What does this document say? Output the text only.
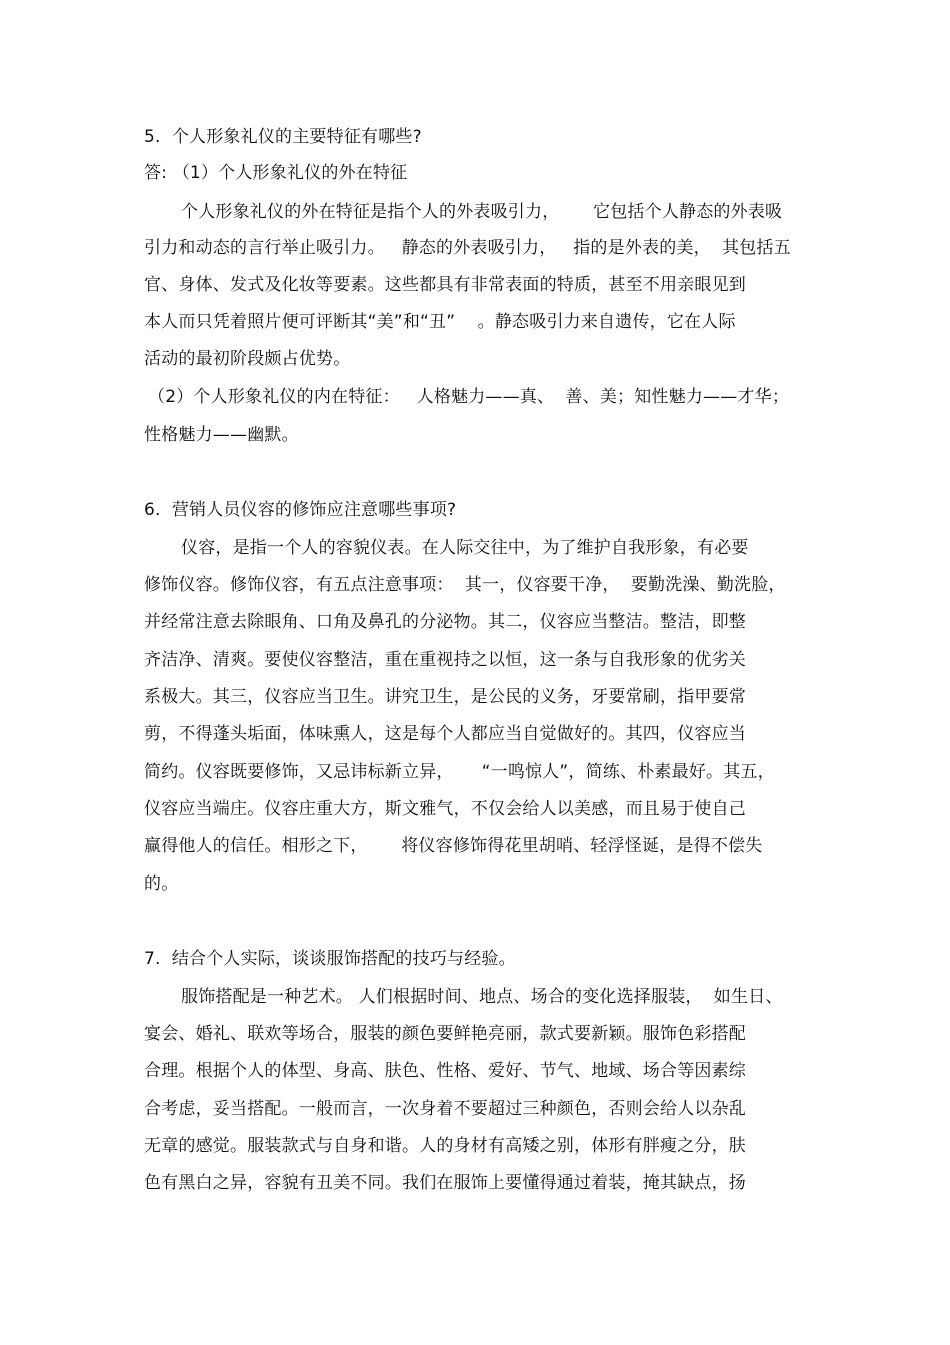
5.  个人形象礼仪的主要特征有哪些?
答: （1）个人形象礼仪的外在特征
个人形象礼仪的外在特征是指个人的外表吸引力，      它包括个人静态的外表吸
引力和动态的言行举止吸引力。   静态的外表吸引力，   指的是外表的美，  其包括五
官、身体、发式及化妆等要素。这些都具有非常表面的特质，甚至不用亲眼见到
本人而只凭着照片便可评断其“美”和“丑”    。静态吸引力来自遗传，它在人际
活动的最初阶段颇占优势。
（2）个人形象礼仪的内在特征：   人格魅力——真、  善、美；知性魅力——才华；
性格魅力——幽默。
6.  营销人员仪容的修饰应注意哪些事项?
仪容，是指一个人的容貌仪表。在人际交往中，为了维护自我形象，有必要
修饰仪容。修饰仪容，有五点注意事项：  其一，仪容要干净，  要勤洗澡、勤洗脸，
并经常注意去除眼角、口角及鼻孔的分泌物。其二，仪容应当整洁。整洁，即整
齐洁净、清爽。要使仪容整洁，重在重视持之以恒，这一条与自我形象的优劣关
系极大。其三，仪容应当卫生。讲究卫生，是公民的义务，牙要常刷，指甲要常
剪，不得蓬头垢面，体味熏人，这是每个人都应当自觉做好的。其四，仪容应当
简约。仪容既要修饰，又忌讳标新立异，     “一鸣惊人”，简练、朴素最好。其五，
仪容应当端庄。仪容庄重大方，斯文雅气，不仅会给人以美感，而且易于使自己
赢得他人的信任。相形之下，      将仪容修饰得花里胡哨、轻浮怪诞，是得不偿失
的。
7.  结合个人实际，谈谈服饰搭配的技巧与经验。
服饰搭配是一种艺术。 人们根据时间、地点、场合的变化选择服装，  如生日、
宴会、婚礼、联欢等场合，服装的颜色要鲜艳亮丽，款式要新颖。服饰色彩搭配
合理。根据个人的体型、身高、肤色、性格、爱好、节气、地域、场合等因素综
合考虑，妥当搭配。一般而言，一次身着不要超过三种颜色，否则会给人以杂乱
无章的感觉。服装款式与自身和谐。人的身材有高矮之别，体形有胖瘦之分，肤
色有黑白之异，容貌有丑美不同。我们在服饰上要懂得通过着装，掩其缺点，扬
